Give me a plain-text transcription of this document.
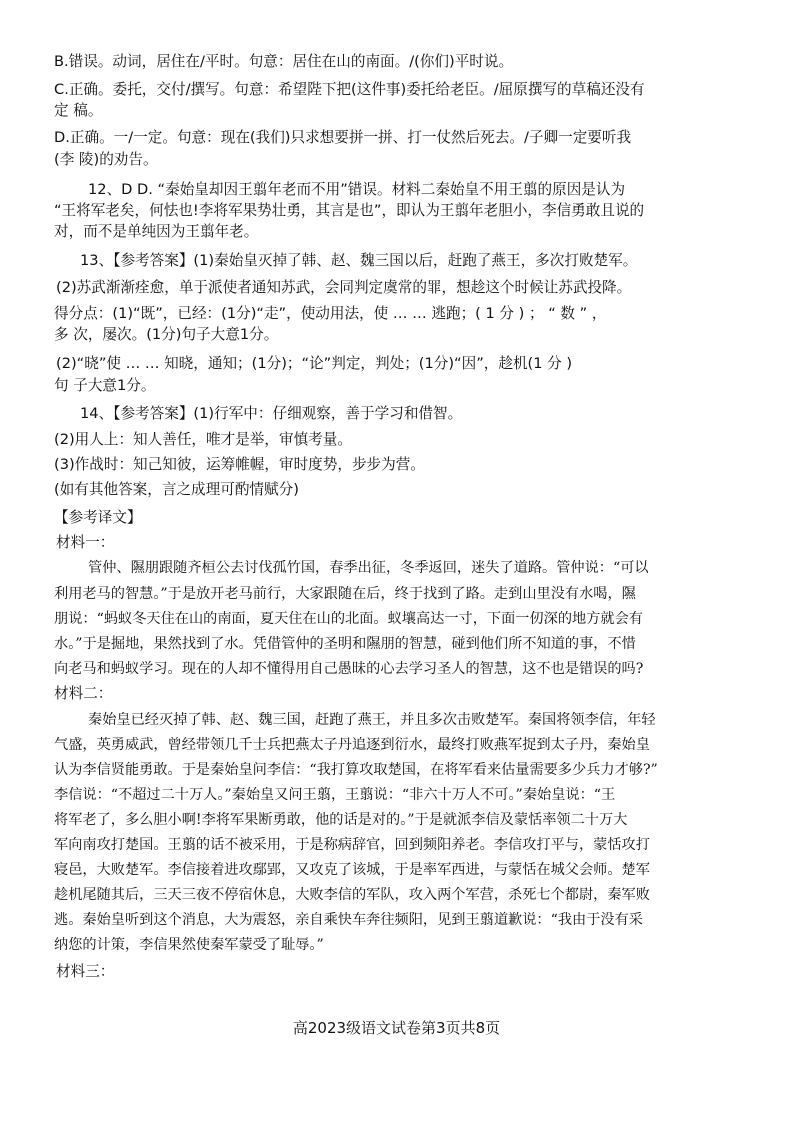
B.错误。动词，居住在/平时。句意：居住在山的南面。/(你们)平时说。
C.正确。委托，交付/撰写。句意：希望陛下把(这件事)委托给老臣。/屈原撰写的草稿还没有
定 稿。
D.正确。一/一定。句意：现在(我们)只求想要拼一拼、打一仗然后死去。/子卿一定要听我
(李 陵)的劝告。
12、D D. “秦始皇却因王翦年老而不用”错误。材料二秦始皇不用王翦的原因是认为
“王将军老矣，何怯也!李将军果势壮勇，其言是也”，即认为王翦年老胆小，李信勇敢且说的
对，而不是单纯因为王翦年老。
13、【参考答案】(1)秦始皇灭掉了韩、赵、魏三国以后，赶跑了燕王，多次打败楚军。
(2)苏武渐渐痊愈，单于派使者通知苏武，会同判定虞常的罪，想趁这个时候让苏武投降。
得分点：(1)“既”，已经：(1分)“走”，使动用法，使 … … 逃跑；( 1 分 ) ； “ 数 ” ，
多 次，屡次。(1分)句子大意1分。
(2)“晓”使 … … 知晓，通知；(1分)；“论”判定，判处；(1分)“因”，趁机(1 分 )
句 子大意1分。
14、【参考答案】(1)行军中：仔细观察，善于学习和借智。
(2)用人上：知人善任，唯才是举，审慎考量。
(3)作战时：知己知彼，运筹帷幄，审时度势，步步为营。
(如有其他答案，言之成理可酌情赋分)
【参考译文】
材料一：
管仲、隰朋跟随齐桓公去讨伐孤竹国，春季出征，冬季返回，迷失了道路。管仲说：“可以
利用老马的智慧。”于是放开老马前行，大家跟随在后，终于找到了路。走到山里没有水喝，隰
朋说：“蚂蚁冬天住在山的南面，夏天住在山的北面。蚁壤高达一寸，下面一仞深的地方就会有
水。”于是掘地，果然找到了水。凭借管仲的圣明和隰朋的智慧，碰到他们所不知道的事，不惜
向老马和蚂蚁学习。现在的人却不懂得用自己愚昧的心去学习圣人的智慧，这不也是错误的吗?
材料二：
秦始皇已经灭掉了韩、赵、魏三国，赶跑了燕王，并且多次击败楚军。秦国将领李信，年轻
气盛，英勇威武，曾经带领几千士兵把燕太子丹追逐到衍水，最终打败燕军捉到太子丹，秦始皇
认为李信贤能勇敢。于是秦始皇问李信：“我打算攻取楚国，在将军看来估量需要多少兵力才够?”
李信说：“不超过二十万人。”秦始皇又问王翦，王翦说：“非六十万人不可。”秦始皇说：“王
将军老了，多么胆小啊!李将军果断勇敢，他的话是对的。”于是就派李信及蒙恬率领二十万大
军向南攻打楚国。王翦的话不被采用，于是称病辞官，回到频阳养老。李信攻打平与，蒙恬攻打
寝邑，大败楚军。李信接着进攻鄢郢，又攻克了该城，于是率军西进，与蒙恬在城父会师。楚军
趁机尾随其后，三天三夜不停宿休息，大败李信的军队，攻入两个军营，杀死七个都尉，秦军败
逃。秦始皇听到这个消息，大为震怒，亲自乘快车奔往频阳，见到王翦道歉说：“我由于没有采
纳您的计策，李信果然使秦军蒙受了耻辱。”
材料三：
高2023级语文试卷第3页共8页
